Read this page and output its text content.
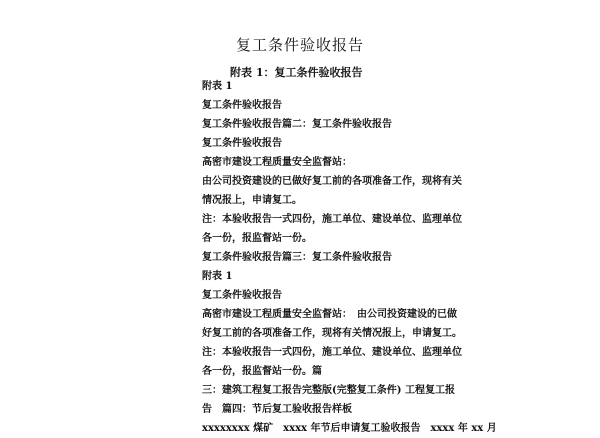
复工条件验收报告
附表 1：复工条件验收报告
附表 1
复工条件验收报告
复工条件验收报告篇二：复工条件验收报告
复工条件验收报告
高密市建设工程质量安全监督站：
由公司投资建设的已做好复工前的各项准备工作，现将有关
情况报上，申请复工。
注：本验收报告一式四份，施工单位、建设单位、监理单位
各一份，报监督站一份。
复工条件验收报告篇三：复工条件验收报告
附表 1
复工条件验收报告
高密市建设工程质量安全监督站：　由公司投资建设的已做
好复工前的各项准备工作，现将有关情况报上，申请复工。
注：本验收报告一式四份，施工单位、建设单位、监理单位
各一份，报监督站一份。篇
三：建筑工程复工报告完整版(完整复工条件) 工程复工报
告　篇四：节后复工验收报告样板
xxxxxxxx 煤矿　xxxx 年节后申请复工验收报告　xxxx 年 xx 月
